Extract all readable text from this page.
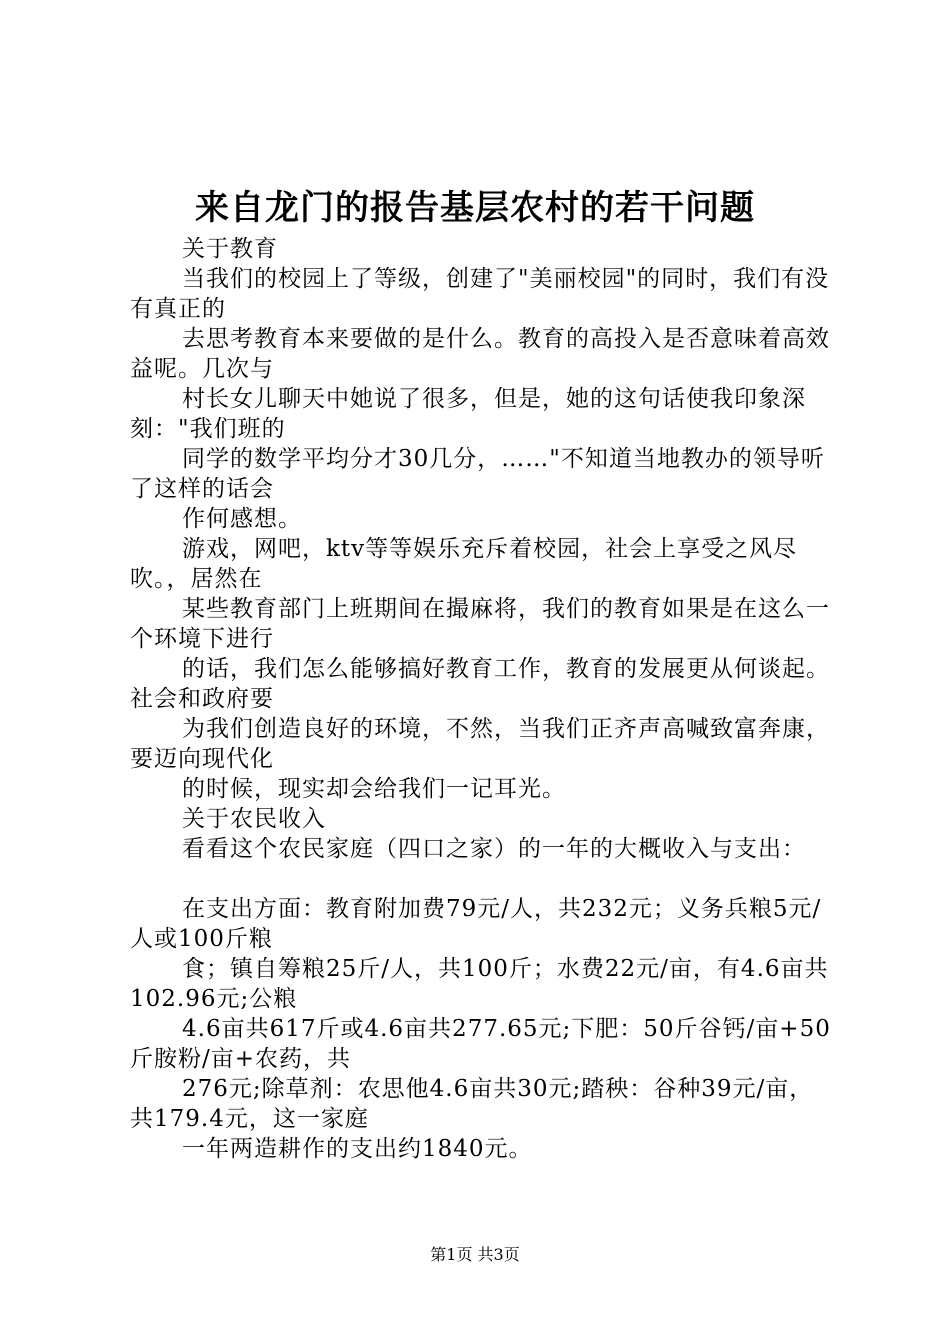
来自龙门的报告基层农村的若干问题

关于教育

当我们的校园上了等级，创建了"美丽校园"的同时，我们有没有真正的

去思考教育本来要做的是什么。教育的高投入是否意味着高效益呢。几次与

村长女儿聊天中她说了很多，但是，她的这句话使我印象深刻："我们班的

同学的数学平均分才30几分，……"不知道当地教办的领导听了这样的话会

作何感想。

游戏，网吧，ktv等等娱乐充斥着校园，社会上享受之风尽吹。，居然在

某些教育部门上班期间在撮麻将，我们的教育如果是在这么一个环境下进行

的话，我们怎么能够搞好教育工作，教育的发展更从何谈起。社会和政府要

为我们创造良好的环境，不然，当我们正齐声高喊致富奔康，要迈向现代化

的时候，现实却会给我们一记耳光。

关于农民收入

看看这个农民家庭（四口之家）的一年的大概收入与支出：

在支出方面：教育附加费79元/人，共232元；义务兵粮5元/人或100斤粮

食；镇自筹粮25斤/人，共100斤；水费22元/亩，有4.6亩共102.96元;公粮

4.6亩共617斤或4.6亩共277.65元;下肥：50斤谷钙/亩+50斤胺粉/亩+农药，共

276元;除草剂：农思他4.6亩共30元;踏秧：谷种39元/亩，共179.4元，这一家庭

一年两造耕作的支出约1840元。

第1页 共3页
